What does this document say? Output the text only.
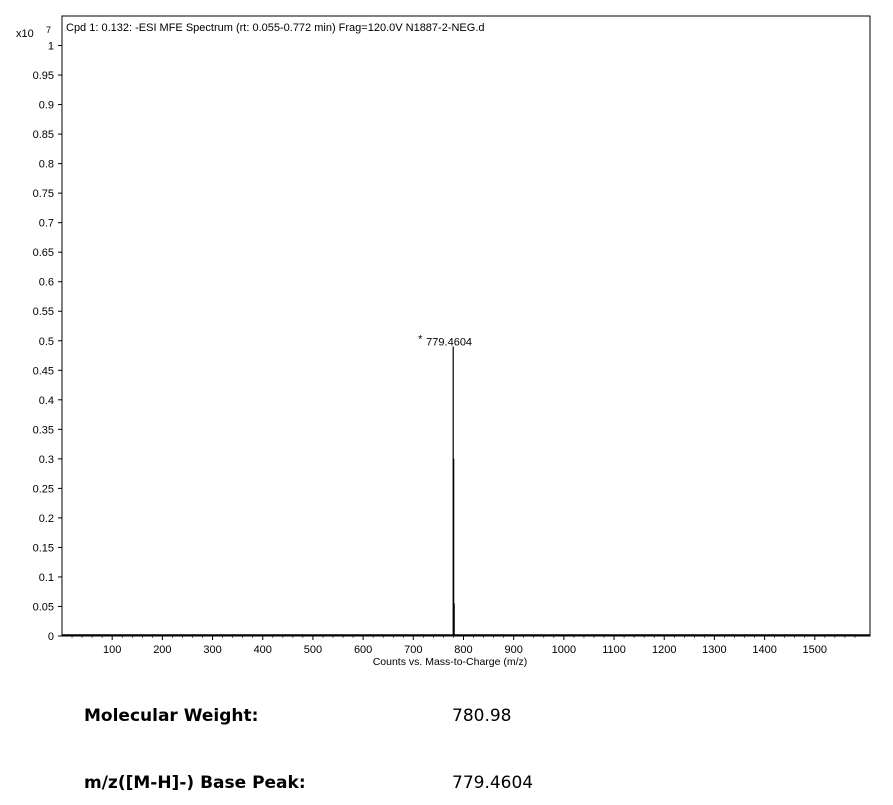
Cpd 1: 0.132: -ESI MFE Spectrum (rt: 0.055-0.772 min) Frag=120.0V N1887-2-NEG.d
x10 7
0
0.05
0.1
0.15
0.2
0.25
0.3
0.35
0.4
0.45
0.5
0.55
0.6
0.65
0.7
0.75
0.8
0.85
0.9
0.95
1
100	200	300	400	500	600	700	800	900	1000 1100 1200 1300 1400 1500
* 779.4604
Counts vs. Mass-to-Charge (m/z)
Molecular Weight:	780.98
m/z([M-H]-) Base Peak:	779.4604
